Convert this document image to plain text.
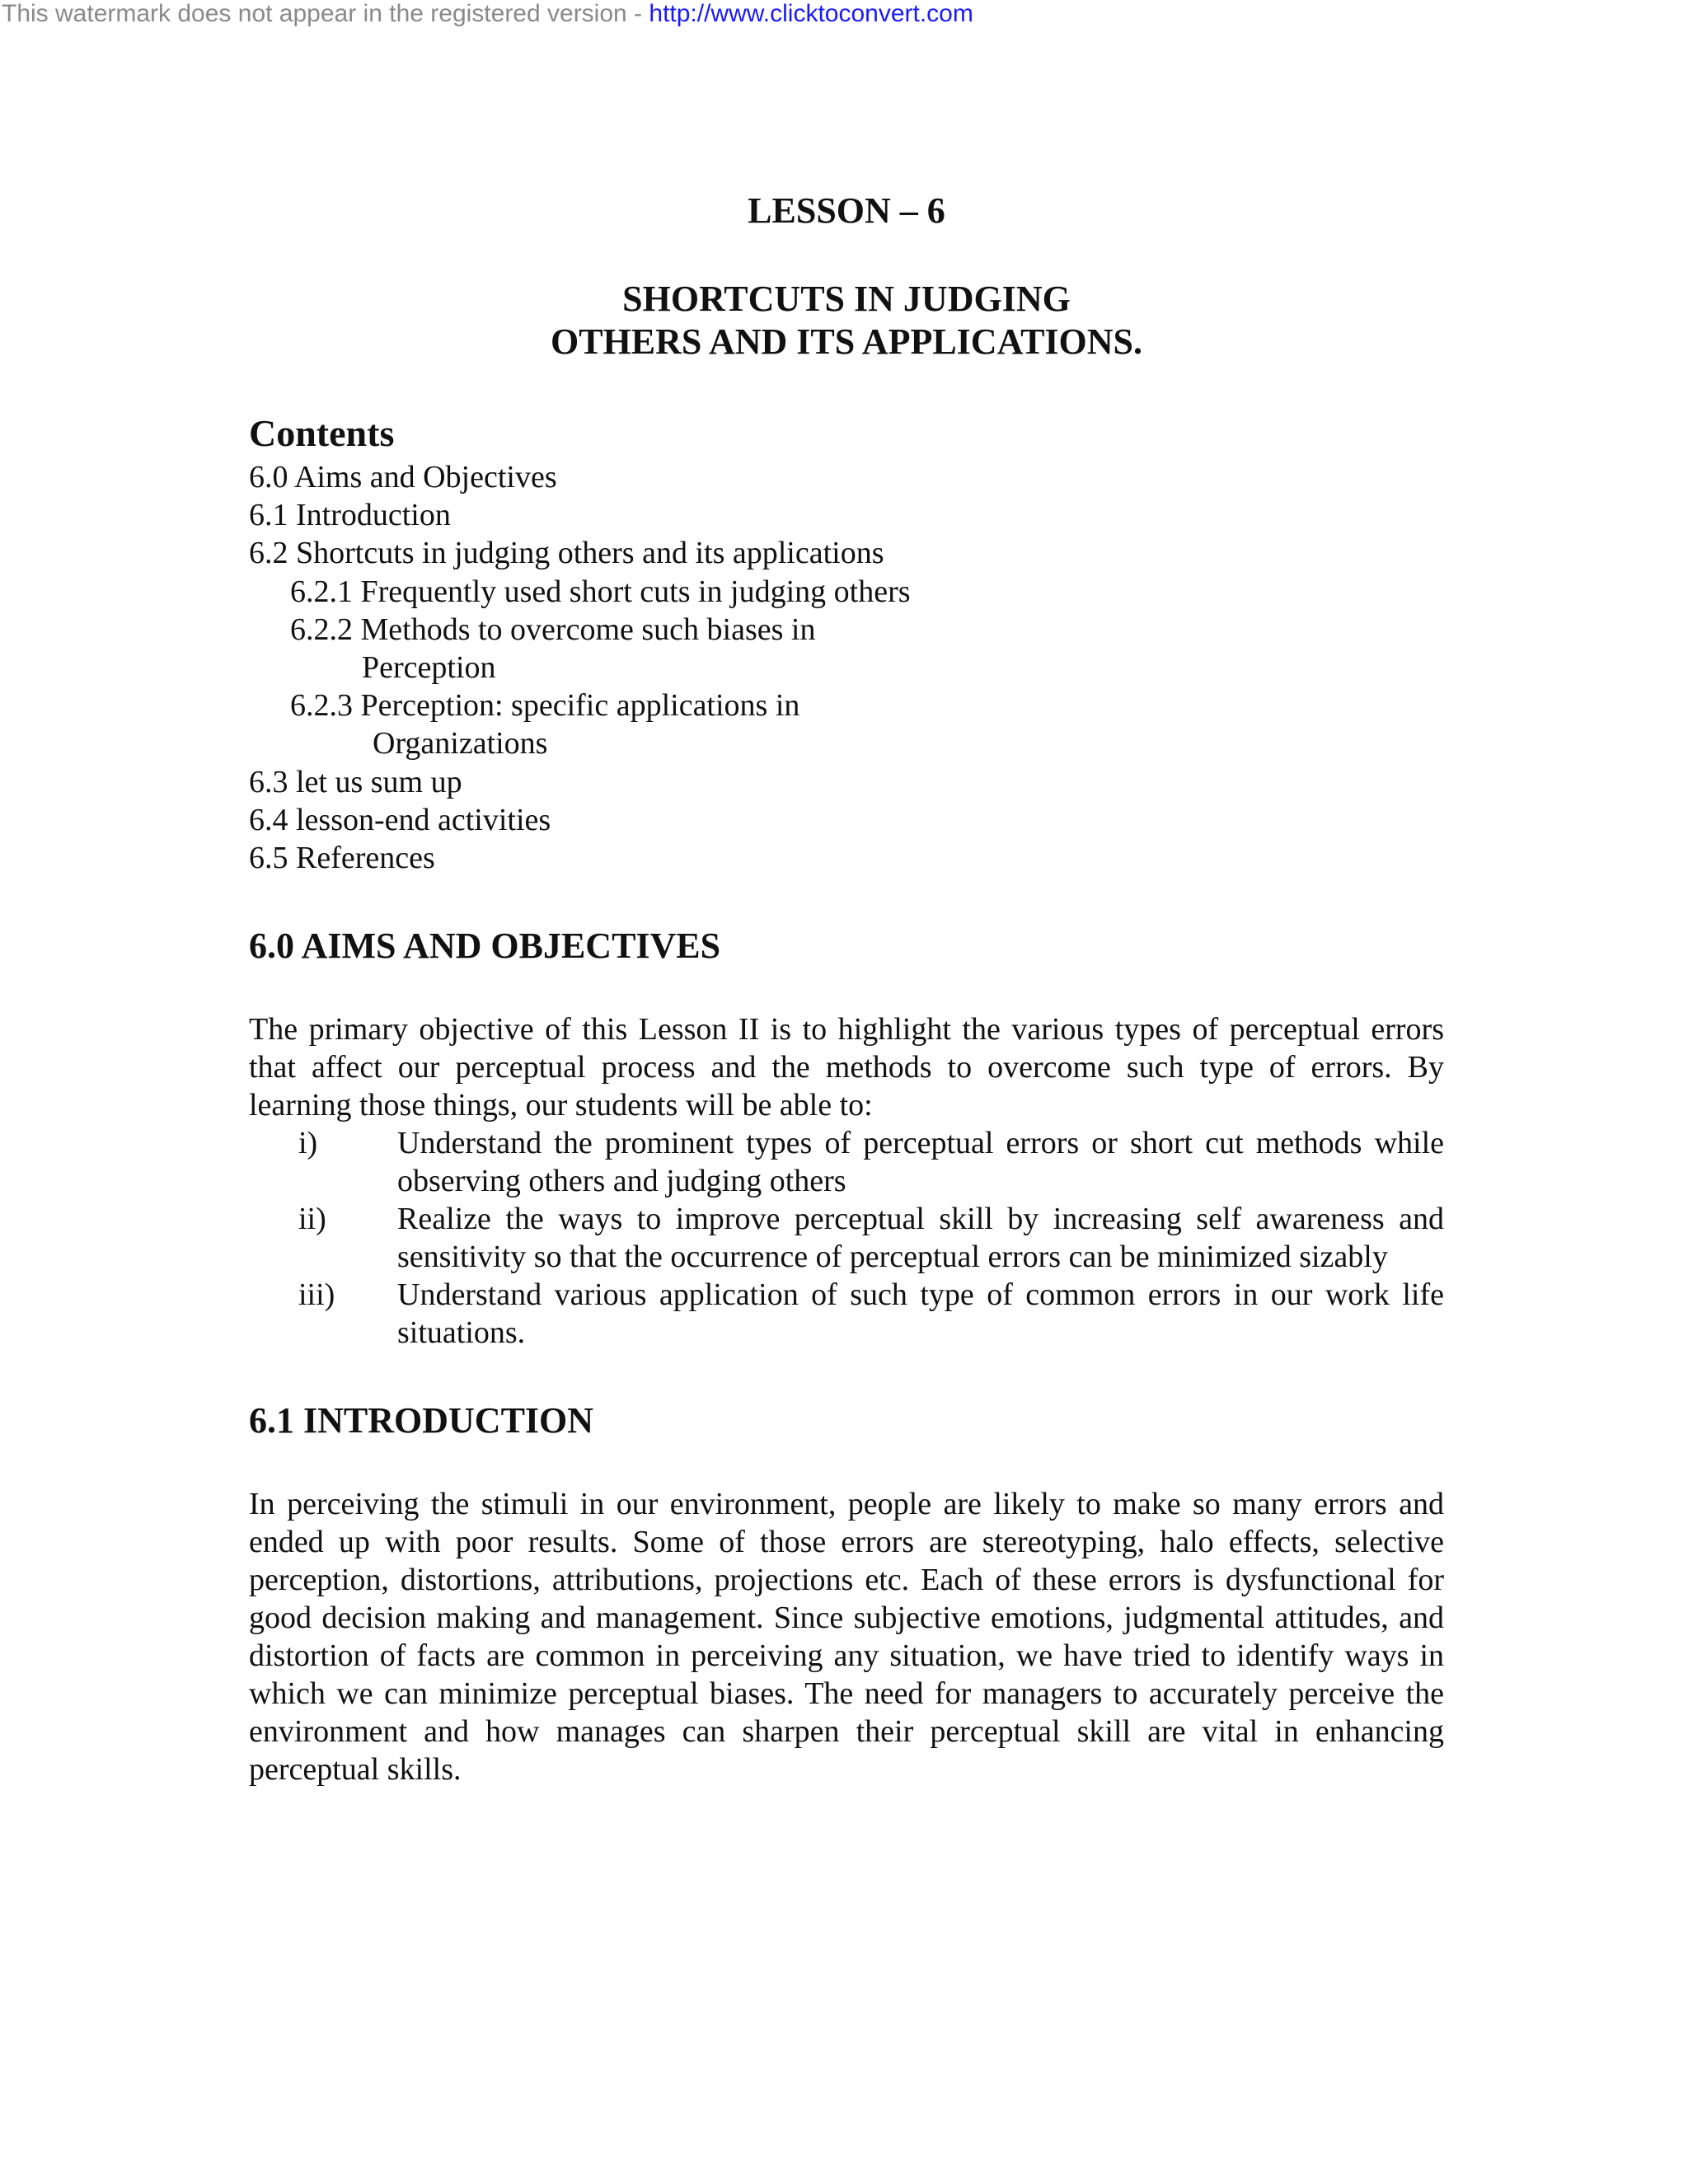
This watermark does not appear in the registered version - http://www.clicktoconvert.com
LESSON – 6
SHORTCUTS IN JUDGING
OTHERS AND ITS APPLICATIONS.
Contents
6.0 Aims and Objectives
6.1 Introduction
6.2 Shortcuts in judging others and its applications
6.2.1 Frequently used short cuts in judging others
6.2.2 Methods to overcome such biases in
Perception
6.2.3 Perception: specific applications in
Organizations
6.3 let us sum up
6.4 lesson-end activities
6.5 References
6.0 AIMS AND OBJECTIVES

The primary objective of this Lesson II is to highlight the various types of perceptual errors that affect our perceptual process and the methods to overcome such type of errors. By learning those things, our students will be able to:

i)	Understand the prominent types of perceptual errors or short cut methods while observing others and judging others
ii)	Realize the ways to improve perceptual skill by increasing self awareness and sensitivity so that the occurrence of perceptual errors can be minimized sizably
iii)	Understand various application of such type of common errors in our work life situations.
6.1 INTRODUCTION

In perceiving the stimuli in our environment, people are likely to make so many errors and ended up with poor results. Some of those errors are stereotyping, halo effects, selective perception, distortions, attributions, projections etc. Each of these errors is dysfunctional for good decision making and management. Since subjective emotions, judgmental attitudes, and distortion of facts are common in perceiving any situation, we have tried to identify ways in which we can minimize perceptual biases. The need for managers to accurately perceive the environment and how manages can sharpen their perceptual skill are vital in enhancing perceptual skills.
